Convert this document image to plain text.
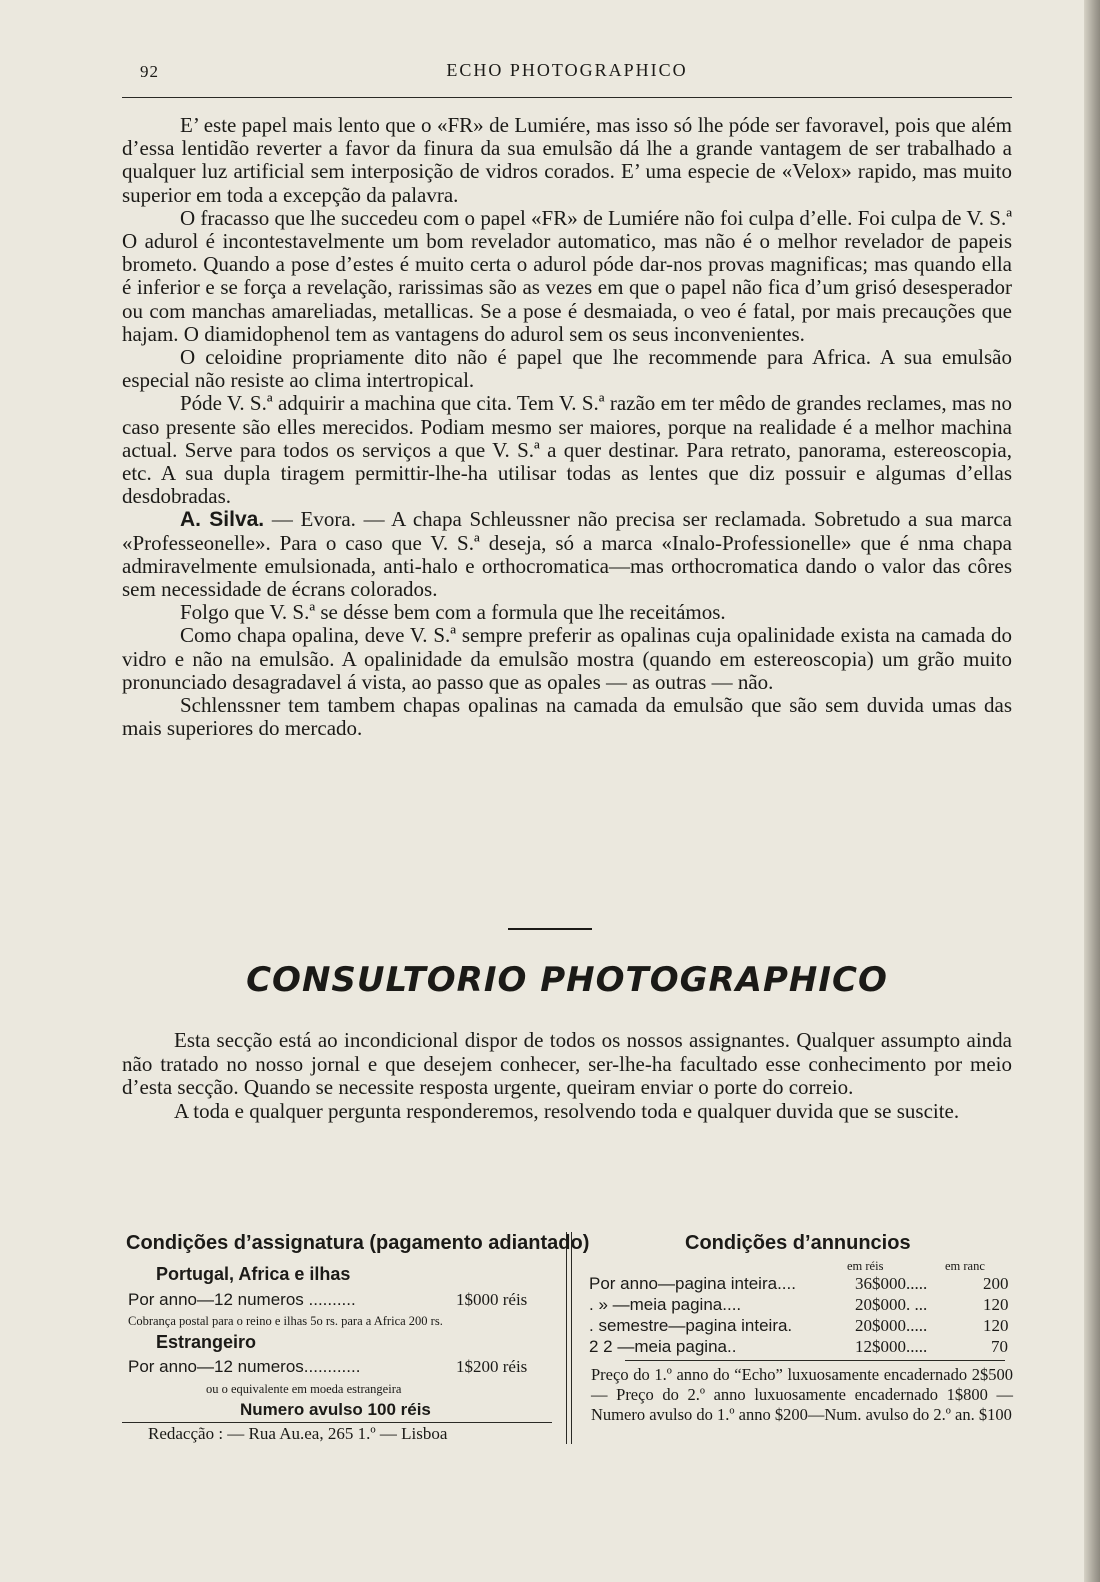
92	ECHO PHOTOGRAPHICO

E’ este papel mais lento que o «FR» de Lumiére, mas isso só lhe póde ser favoravel, pois que além d’essa lentidão reverter a favor da finura da sua emulsão dá lhe a grande vantagem de ser trabalhado a qualquer luz artificial sem interposição de vidros corados. E’ uma especie de «Velox» rapido, mas muito superior em toda a excepção da palavra.

O fracasso que lhe succedeu com o papel «FR» de Lumiére não foi culpa d’elle. Foi culpa de V. S.ª O adurol é incontestavelmente um bom revelador automatico, mas não é o melhor revelador de papeis brometo. Quando a pose d’estes é muito certa o adurol póde dar-nos provas magnificas; mas quando ella é inferior e se força a revelação, rarissimas são as vezes em que o papel não fica d’um grisó desesperador ou com manchas amareliadas, metallicas. Se a pose é desmaiada, o veo é fatal, por mais precauções que hajam. O diamidophenol tem as vantagens do adurol sem os seus inconvenientes.

O celoidine propriamente dito não é papel que lhe recommende para Africa. A sua emulsão especial não resiste ao clima intertropical.

Póde V. S.ª adquirir a machina que cita. Tem V. S.ª razão em ter mêdo de grandes reclames, mas no caso presente são elles merecidos. Podiam mesmo ser maiores, porque na realidade é a melhor machina actual. Serve para todos os serviços a que V. S.ª a quer destinar. Para retrato, panorama, estereoscopia, etc. A sua dupla tiragem permittir-lhe-ha utilisar todas as lentes que diz possuir e algumas d’ellas desdobradas.

A. Silva. — Evora. — A chapa Schleussner não precisa ser reclamada. Sobretudo a sua marca «Professeonelle». Para o caso que V. S.ª deseja, só a marca «Inalo-Professionelle» que é nma chapa admiravelmente emulsionada, anti-halo e orthocromatica—mas orthocromatica dando o valor das côres sem necessidade de écrans colorados.

Folgo que V. S.ª se désse bem com a formula que lhe receitámos.

Como chapa opalina, deve V. S.ª sempre preferir as opalinas cuja opalinidade exista na camada do vidro e não na emulsão. A opalinidade da emulsão mostra (quando em estereoscopia) um grão muito pronunciado desagradavel á vista, ao passo que as opales — as outras — não.

Schlenssner tem tambem chapas opalinas na camada da emulsão que são sem duvida umas das mais superiores do mercado.

CONSULTORIO PHOTOGRAPHICO

Esta secção está ao incondicional dispor de todos os nossos assignantes. Qualquer assumpto ainda não tratado no nosso jornal e que desejem conhecer, ser-lhe-ha facultado esse conhecimento por meio d’esta secção. Quando se necessite resposta urgente, queiram enviar o porte do correio.

A toda e qualquer pergunta responderemos, resolvendo toda e qualquer duvida que se suscite.

Condições d’assignatura (pagamento adiantado)
Portugal, Africa e ilhas
Por anno—12 numeros ..........	1$000 réis
Cobrança postal para o reino e ilhas 5o rs. para a Africa 200 rs.
Estrangeiro
Por anno—12 numeros............	1$200 réis
ou o equivalente em moeda estrangeira
Numero avulso 100 réis
Redacção : — Rua Au.ea, 265 1.º — Lisboa
Condições d’annuncios
em réis	em ranc
Por anno—pagina inteira....	36$000.....	200
. » —meia pagina....	20$000. ...	120
. semestre—pagina inteira.	20$000.....	120
2 2 —meia pagina..	12$000.....	70
Preço do 1.º anno do “Echo” luxuosamente encadernado 2$500 — Preço do 2.º anno luxuosamente encadernado 1$800 — Numero avulso do 1.º anno $200—Num. avulso do 2.º an. $100
